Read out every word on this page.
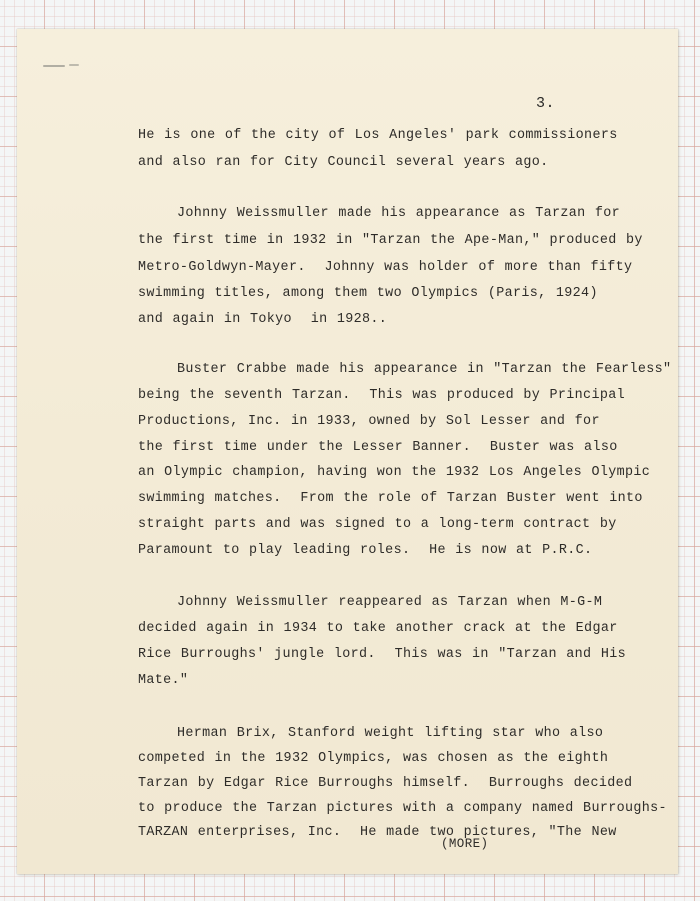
3.
He is one of the city of Los Angeles' park commissioners
and also ran for City Council several years ago.
Johnny Weissmuller made his appearance as Tarzan for
the first time in 1932 in "Tarzan the Ape-Man," produced by
Metro-Goldwyn-Mayer.  Johnny was holder of more than fifty
swimming titles, among them two Olympics (Paris, 1924)
and again in Tokyo  in 1928..
Buster Crabbe made his appearance in "Tarzan the Fearless"
being the seventh Tarzan.  This was produced by Principal
Productions, Inc. in 1933, owned by Sol Lesser and for
the first time under the Lesser Banner.  Buster was also
an Olympic champion, having won the 1932 Los Angeles Olympic
swimming matches.  From the role of Tarzan Buster went into
straight parts and was signed to a long-term contract by
Paramount to play leading roles.  He is now at P.R.C.
Johnny Weissmuller reappeared as Tarzan when M-G-M
decided again in 1934 to take another crack at the Edgar
Rice Burroughs' jungle lord.  This was in "Tarzan and His
Mate."
Herman Brix, Stanford weight lifting star who also
competed in the 1932 Olympics, was chosen as the eighth
Tarzan by Edgar Rice Burroughs himself.  Burroughs decided
to produce the Tarzan pictures with a company named Burroughs-
TARZAN enterprises, Inc.  He made two pictures, "The New
(MORE)
